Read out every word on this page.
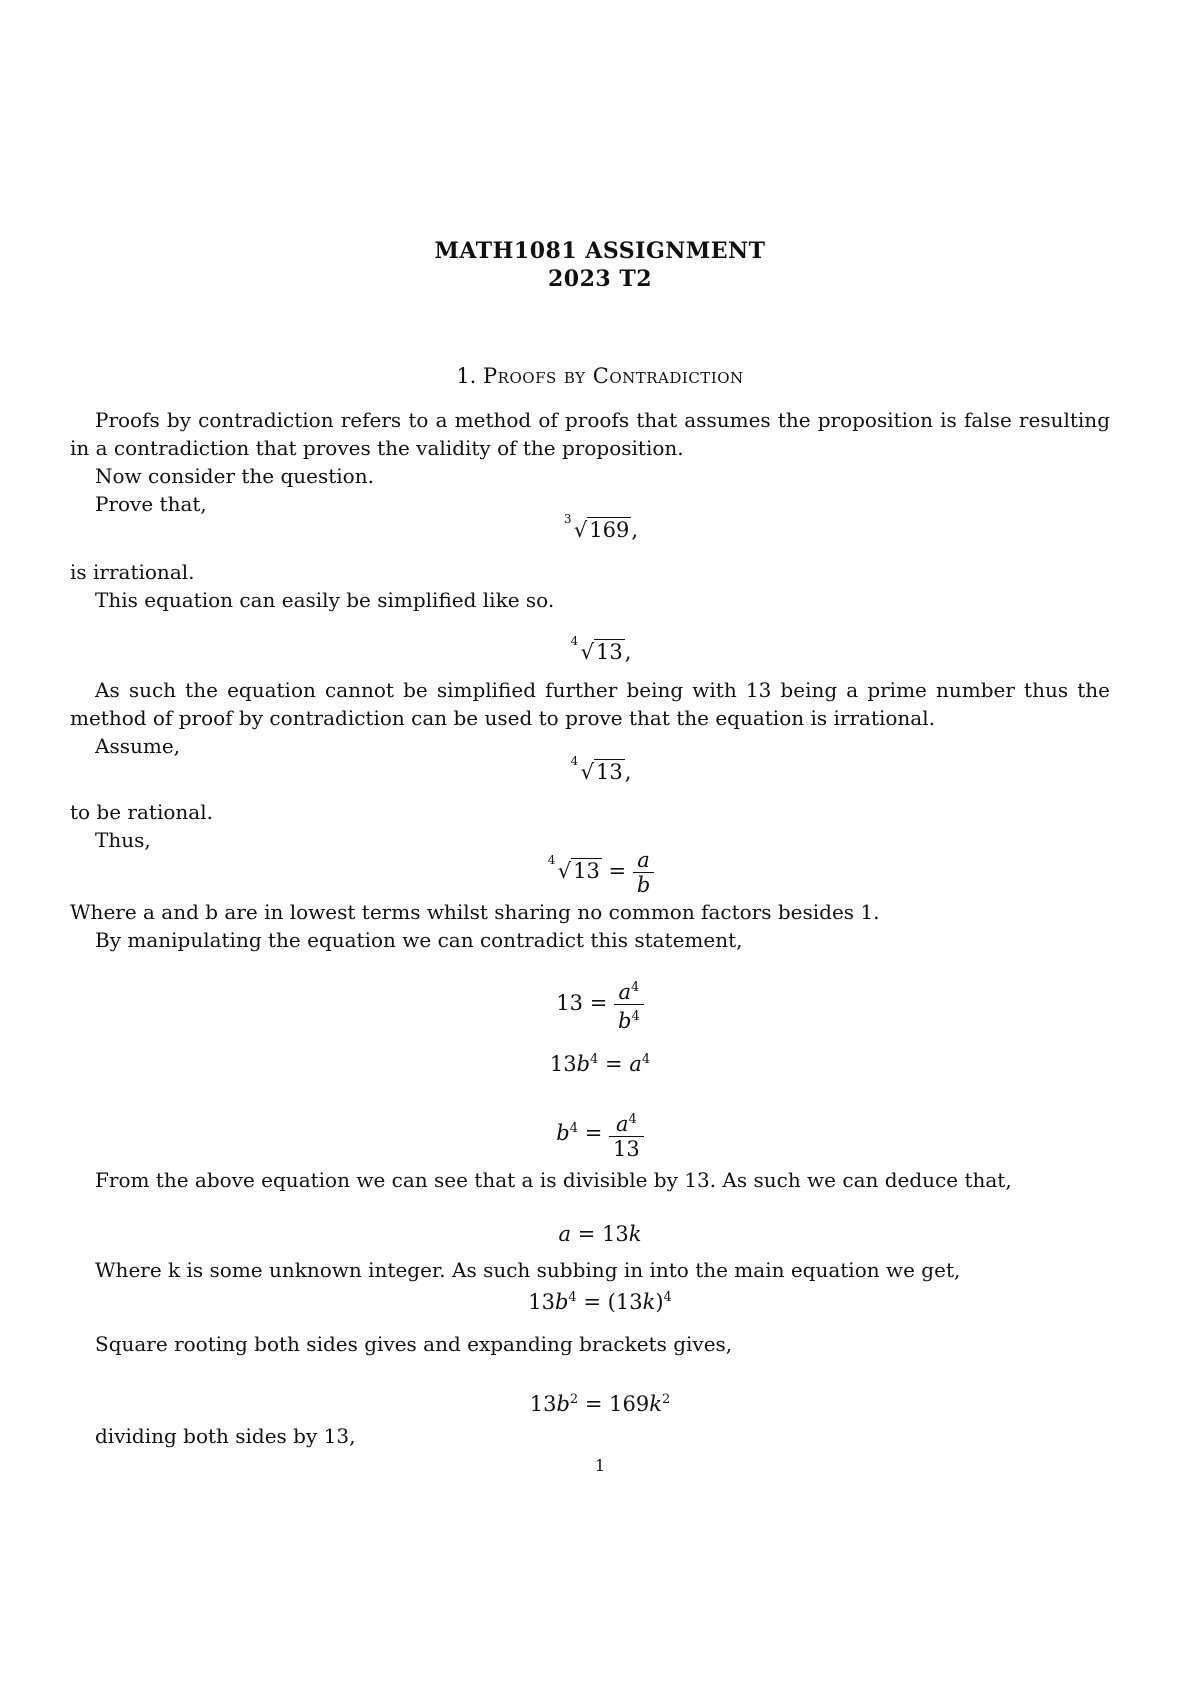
MATH1081 ASSIGNMENT
2023 T2
1. Proofs by Contradiction
Proofs by contradiction refers to a method of proofs that assumes the proposition is false resulting in a contradiction that proves the validity of the proposition.
Now consider the question.
Prove that,
3 √169,
is irrational.
This equation can easily be simplified like so.
4 √13,
As such the equation cannot be simplified further being with 13 being a prime number thus the method of proof by contradiction can be used to prove that the equation is irrational.
Assume,
4 √13,
to be rational.
Thus,
4 $√13 = \frac{a}{b}$
Where a and b are in lowest terms whilst sharing no common factors besides 1.
By manipulating the equation we can contradict this statement,
$13 = \frac{a^4}{b^4}$
$13b^4 = a^4$
$b^4 = \frac{a^4}{13}$
From the above equation we can see that a is divisible by 13. As such we can deduce that,
a = 13k
Where k is some unknown integer. As such subbing in into the main equation we get,
$13b^4 = (13k)^4$
Square rooting both sides gives and expanding brackets gives,
$13b^2 = 169k^2$
dividing both sides by 13,
1
